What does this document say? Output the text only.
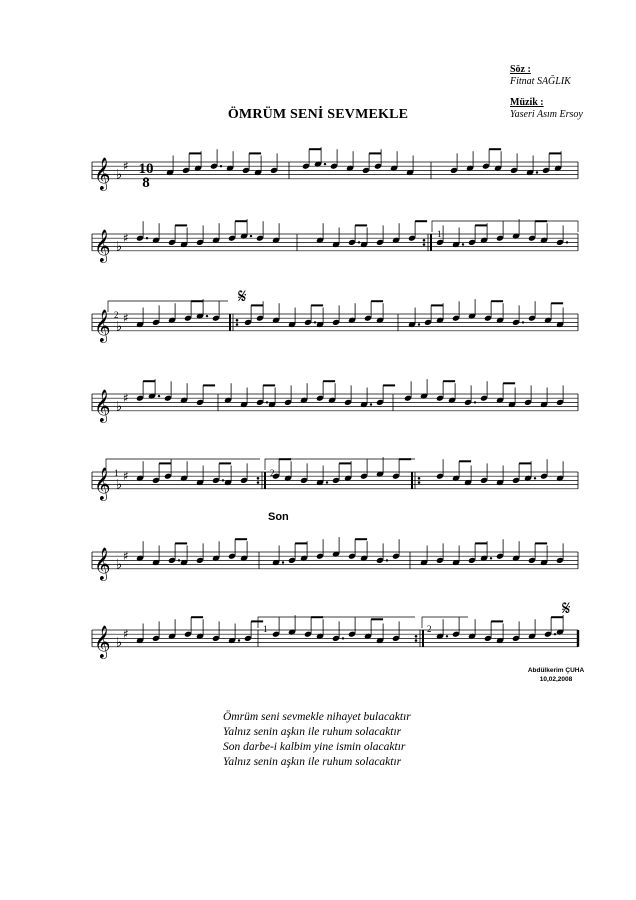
Söz :
Fitnat SAĞLIK
Müzik :
Yaseri Asım Ersoy
ÖMRÜM SENİ SEVMEKLE
𝄞 ♭
♯
𝄞 ♭
♯
𝄞 ♭
♯
𝄞 ♭
♯
𝄞 ♭
♯
𝄞 ♭
♯
𝄞 ♭
♯
10
8
1
2
1	2
1	2
𝄋
𝄋
Son
Abdülkerim ÇUHA
10,02,2008
Ömrüm seni sevmekle nihayet bulacaktır
Yalnız senin aşkın ile ruhum solacaktır
Son darbe-i kalbim yine ismin olacaktır
Yalnız senin aşkın ile ruhum solacaktır
